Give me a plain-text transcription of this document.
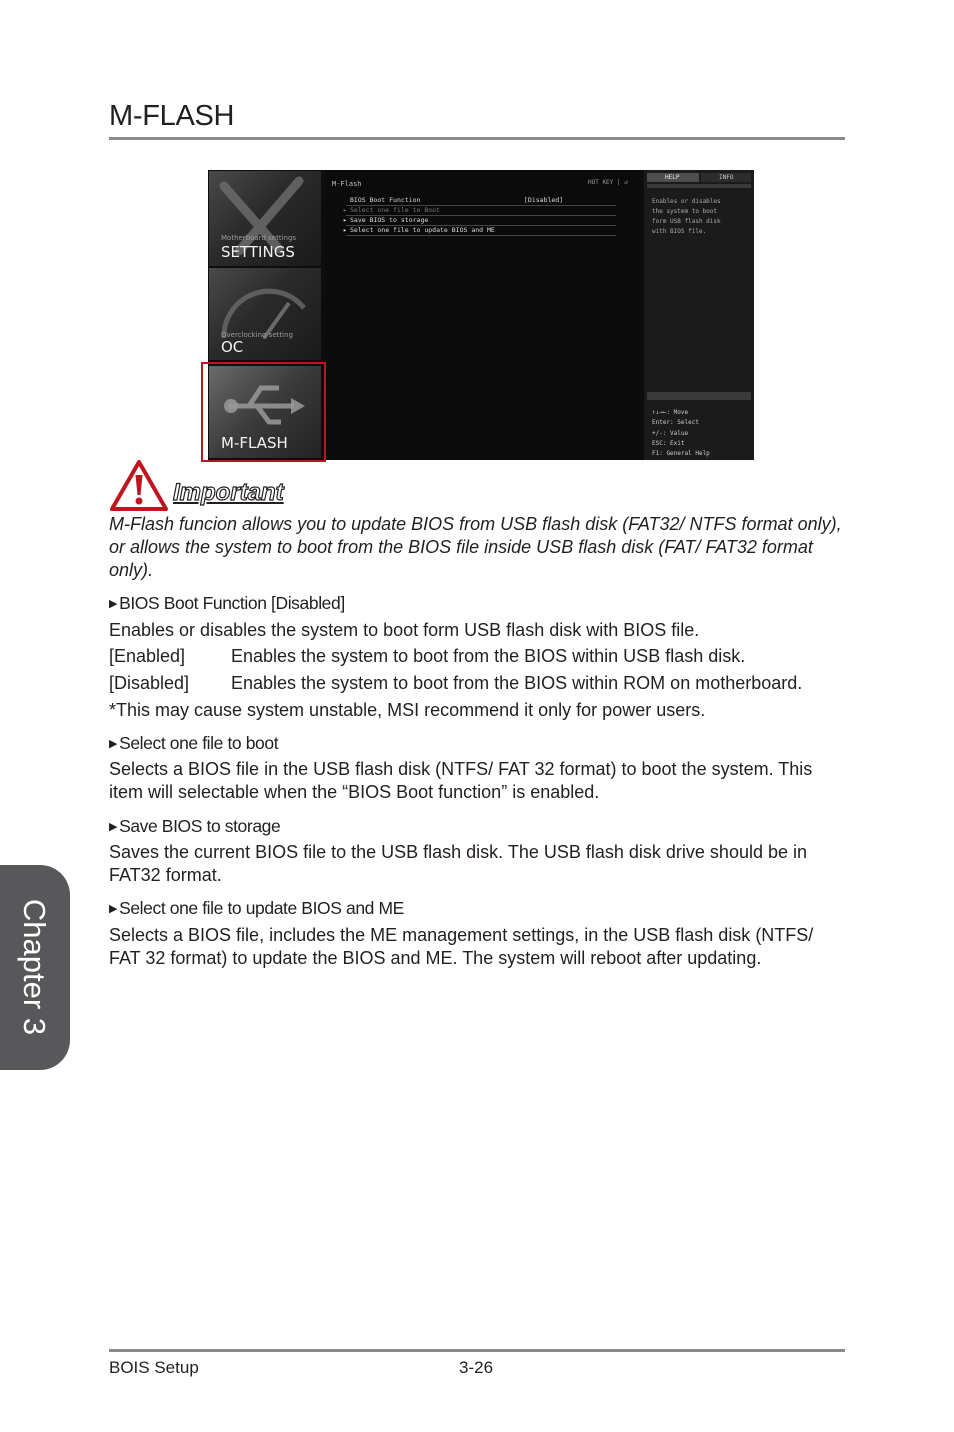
M-FLASH
Motherboard settings
SETTINGS
Overclocking setting
OC
M-FLASH
M-Flash	HOT KEY | ↺
BIOS Boot Function	[Disabled]
▸ Select one file to Boot
▸ Save BIOS to storage
▸ Select one file to update BIOS and ME
HELP	INFO
Enables or disables
the system to boot
form USB flash disk
with BIOS file.
↑↓→←: Move
Enter: Select
+/-: Value
ESC: Exit
F1: General Help
Important
M-Flash funcion allows you to update BIOS from USB flash disk (FAT32/ NTFS format only), or allows the system to boot from the BIOS file inside USB flash disk (FAT/ FAT32 format only).
▶ BIOS Boot Function [Disabled]
Enables or disables the system to boot form USB flash disk with BIOS file.
[Enabled]	Enables the system to boot from the BIOS within USB flash disk.
[Disabled] Enables the system to boot from the BIOS within ROM on motherboard.
*This may cause system unstable, MSI recommend it only for power users.
▶ Select one file to boot
Selects a BIOS file in the USB flash disk (NTFS/ FAT 32 format) to boot the system. This item will selectable when the “BIOS Boot function” is enabled.
▶ Save BIOS to storage
Saves the current BIOS file to the USB flash disk. The USB flash disk drive should be in FAT32 format.
▶ Select one file to update BIOS and ME
Selects a BIOS file, includes the ME management settings, in the USB flash disk (NTFS/ FAT 32 format) to update the BIOS and ME. The system will reboot after updating.
Chapter 3
BOIS Setup	3-26
